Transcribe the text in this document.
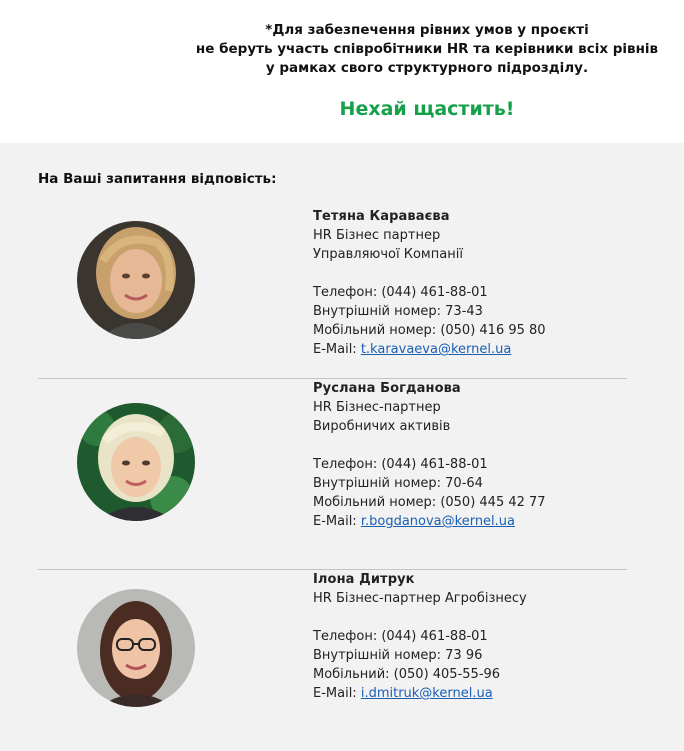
*Для забезпечення рівних умов у проєкті
не беруть участь співробітники HR та керівники всіх рівнів
у рамках свого структурного підрозділу.
Нехай щастить!
На Ваші запитання відповість:
Тетяна Караваєва
HR Бізнес партнер
Управляючої Компанії
Телефон: (044) 461-88-01
Внутрішній номер: 73-43
Мобільний номер: (050) 416 95 80
E-Mail: t.karavaeva@kernel.ua
Руслана Богданова
HR Бізнес-партнер
Виробничих активів
Телефон: (044) 461-88-01
Внутрішній номер: 70-64
Мобільний номер: (050) 445 42 77
E-Mail: r.bogdanova@kernel.ua
Ілона Дитрук
HR Бізнес-партнер Агробізнесу
Телефон: (044) 461-88-01
Внутрішній номер: 73 96
Мобільний: (050) 405-55-96
E-Mail: i.dmitruk@kernel.ua
